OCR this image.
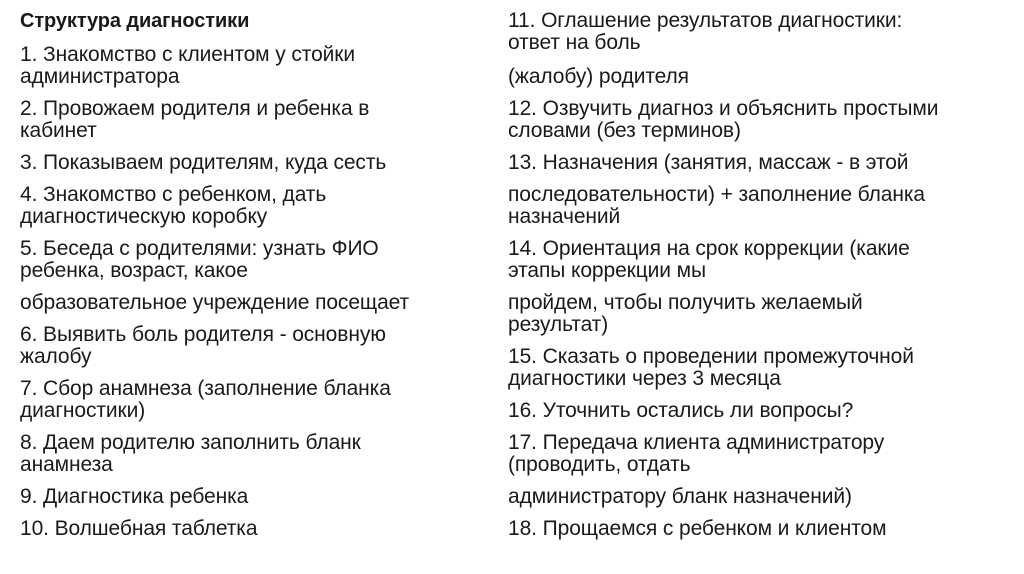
Структура диагностики
1. Знакомство с клиентом у стойки
администратора
2. Провожаем родителя и ребенка в
кабинет
3. Показываем родителям, куда сесть
4. Знакомство с ребенком, дать
диагностическую коробку
5. Беседа с родителями: узнать ФИО
ребенка, возраст, какое
образовательное учреждение посещает
6. Выявить боль родителя - основную
жалобу
7. Сбор анамнеза (заполнение бланка
диагностики)
8. Даем родителю заполнить бланк
анамнеза
9. Диагностика ребенка
10. Волшебная таблетка
11. Оглашение результатов диагностики:
ответ на боль
(жалобу) родителя
12. Озвучить диагноз и объяснить простыми
словами (без терминов)
13. Назначения (занятия, массаж - в этой
последовательности) + заполнение бланка
назначений
14. Ориентация на срок коррекции (какие
этапы коррекции мы
пройдем, чтобы получить желаемый
результат)
15. Сказать о проведении промежуточной
диагностики через 3 месяца
16. Уточнить остались ли вопросы?
17. Передача клиента администратору
(проводить, отдать
администратору бланк назначений)
18. Прощаемся с ребенком и клиентом
